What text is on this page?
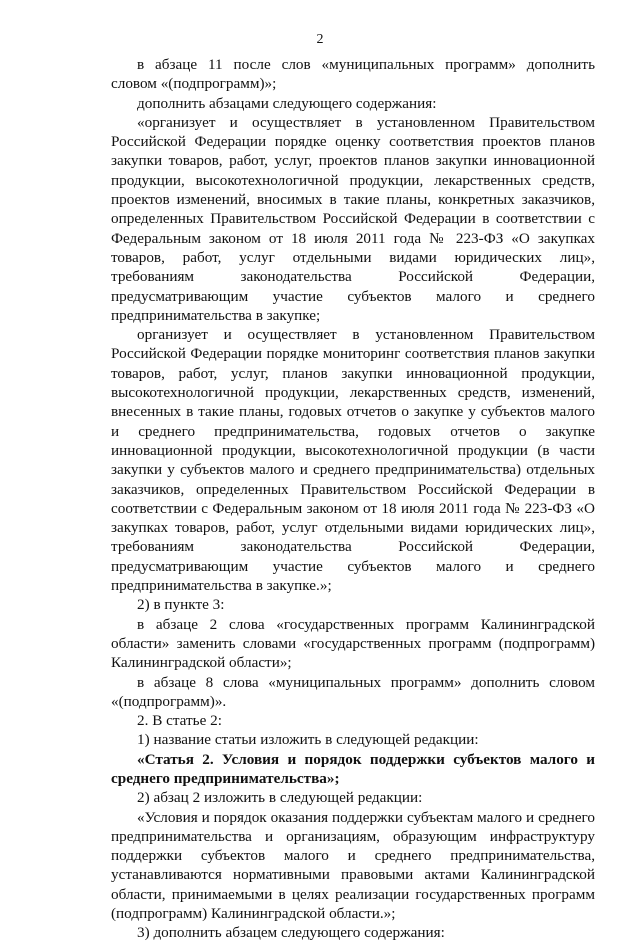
2

в абзаце 11 после слов «муниципальных программ» дополнить словом «(подпрограмм)»;

дополнить абзацами следующего содержания:

«организует и осуществляет в установленном Правительством Российской Федерации порядке оценку соответствия проектов планов закупки товаров, работ, услуг, проектов планов закупки инновационной продукции, высокотехнологичной продукции, лекарственных средств, проектов изменений, вносимых в такие планы, конкретных заказчиков, определенных Правительством Российской Федерации в соответствии с Федеральным законом от 18 июля 2011 года № 223-ФЗ «О закупках товаров, работ, услуг отдельными видами юридических лиц», требованиям законодательства Российской Федерации, предусматривающим участие субъектов малого и среднего предпринимательства в закупке;

организует и осуществляет в установленном Правительством Российской Федерации порядке мониторинг соответствия планов закупки товаров, работ, услуг, планов закупки инновационной продукции, высокотехнологичной продукции, лекарственных средств, изменений, внесенных в такие планы, годовых отчетов о закупке у субъектов малого и среднего предпринимательства, годовых отчетов о закупке инновационной продукции, высокотехнологичной продукции (в части закупки у субъектов малого и среднего предпринимательства) отдельных заказчиков, определенных Правительством Российской Федерации в соответствии с Федеральным законом от 18 июля 2011 года № 223-ФЗ «О закупках товаров, работ, услуг отдельными видами юридических лиц», требованиям законодательства Российской Федерации, предусматривающим участие субъектов малого и среднего предпринимательства в закупке.»;

2) в пункте 3:

в абзаце 2 слова «государственных программ Калининградской области» заменить словами «государственных программ (подпрограмм) Калининградской области»;

в абзаце 8 слова «муниципальных программ» дополнить словом «(подпрограмм)».

2. В статье 2:

1) название статьи изложить в следующей редакции:

«Статья 2. Условия и порядок поддержки субъектов малого и среднего предпринимательства»;

2) абзац 2 изложить в следующей редакции:

«Условия и порядок оказания поддержки субъектам малого и среднего предпринимательства и организациям, образующим инфраструктуру поддержки субъектов малого и среднего предпринимательства, устанавливаются нормативными правовыми актами Калининградской области, принимаемыми в целях реализации государственных программ (подпрограмм) Калининградской области.»;

3) дополнить абзацем следующего содержания:
